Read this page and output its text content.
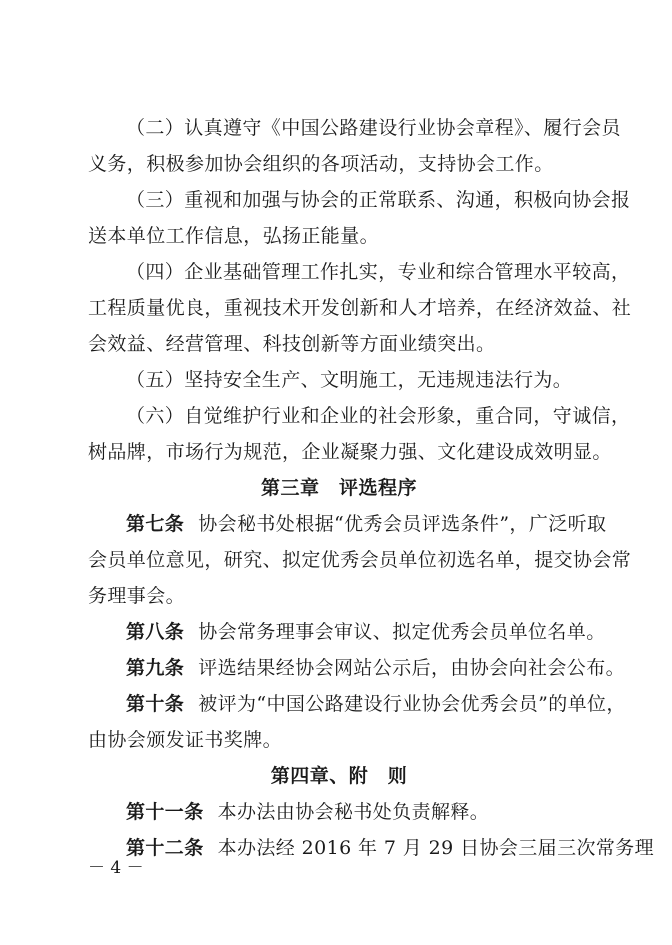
（二）认真遵守《中国公路建设行业协会章程》、履行会员
义务，积极参加协会组织的各项活动，支持协会工作。
（三）重视和加强与协会的正常联系、沟通，积极向协会报
送本单位工作信息，弘扬正能量。
（四）企业基础管理工作扎实，专业和综合管理水平较高，
工程质量优良，重视技术开发创新和人才培养，在经济效益、社
会效益、经营管理、科技创新等方面业绩突出。
（五）坚持安全生产、文明施工，无违规违法行为。
（六）自觉维护行业和企业的社会形象，重合同，守诚信，
树品牌，市场行为规范，企业凝聚力强、文化建设成效明显。
第三章　评选程序
第七条 协会秘书处根据“优秀会员评选条件”，广泛听取
会员单位意见，研究、拟定优秀会员单位初选名单，提交协会常
务理事会。
第八条 协会常务理事会审议、拟定优秀会员单位名单。
第九条 评选结果经协会网站公示后，由协会向社会公布。
第十条 被评为“中国公路建设行业协会优秀会员”的单位，
由协会颁发证书奖牌。
第四章、附　则
第十一条 本办法由协会秘书处负责解释。
第十二条 本办法经 2016 年 7 月 29 日协会三届三次常务理
－ 4 －
